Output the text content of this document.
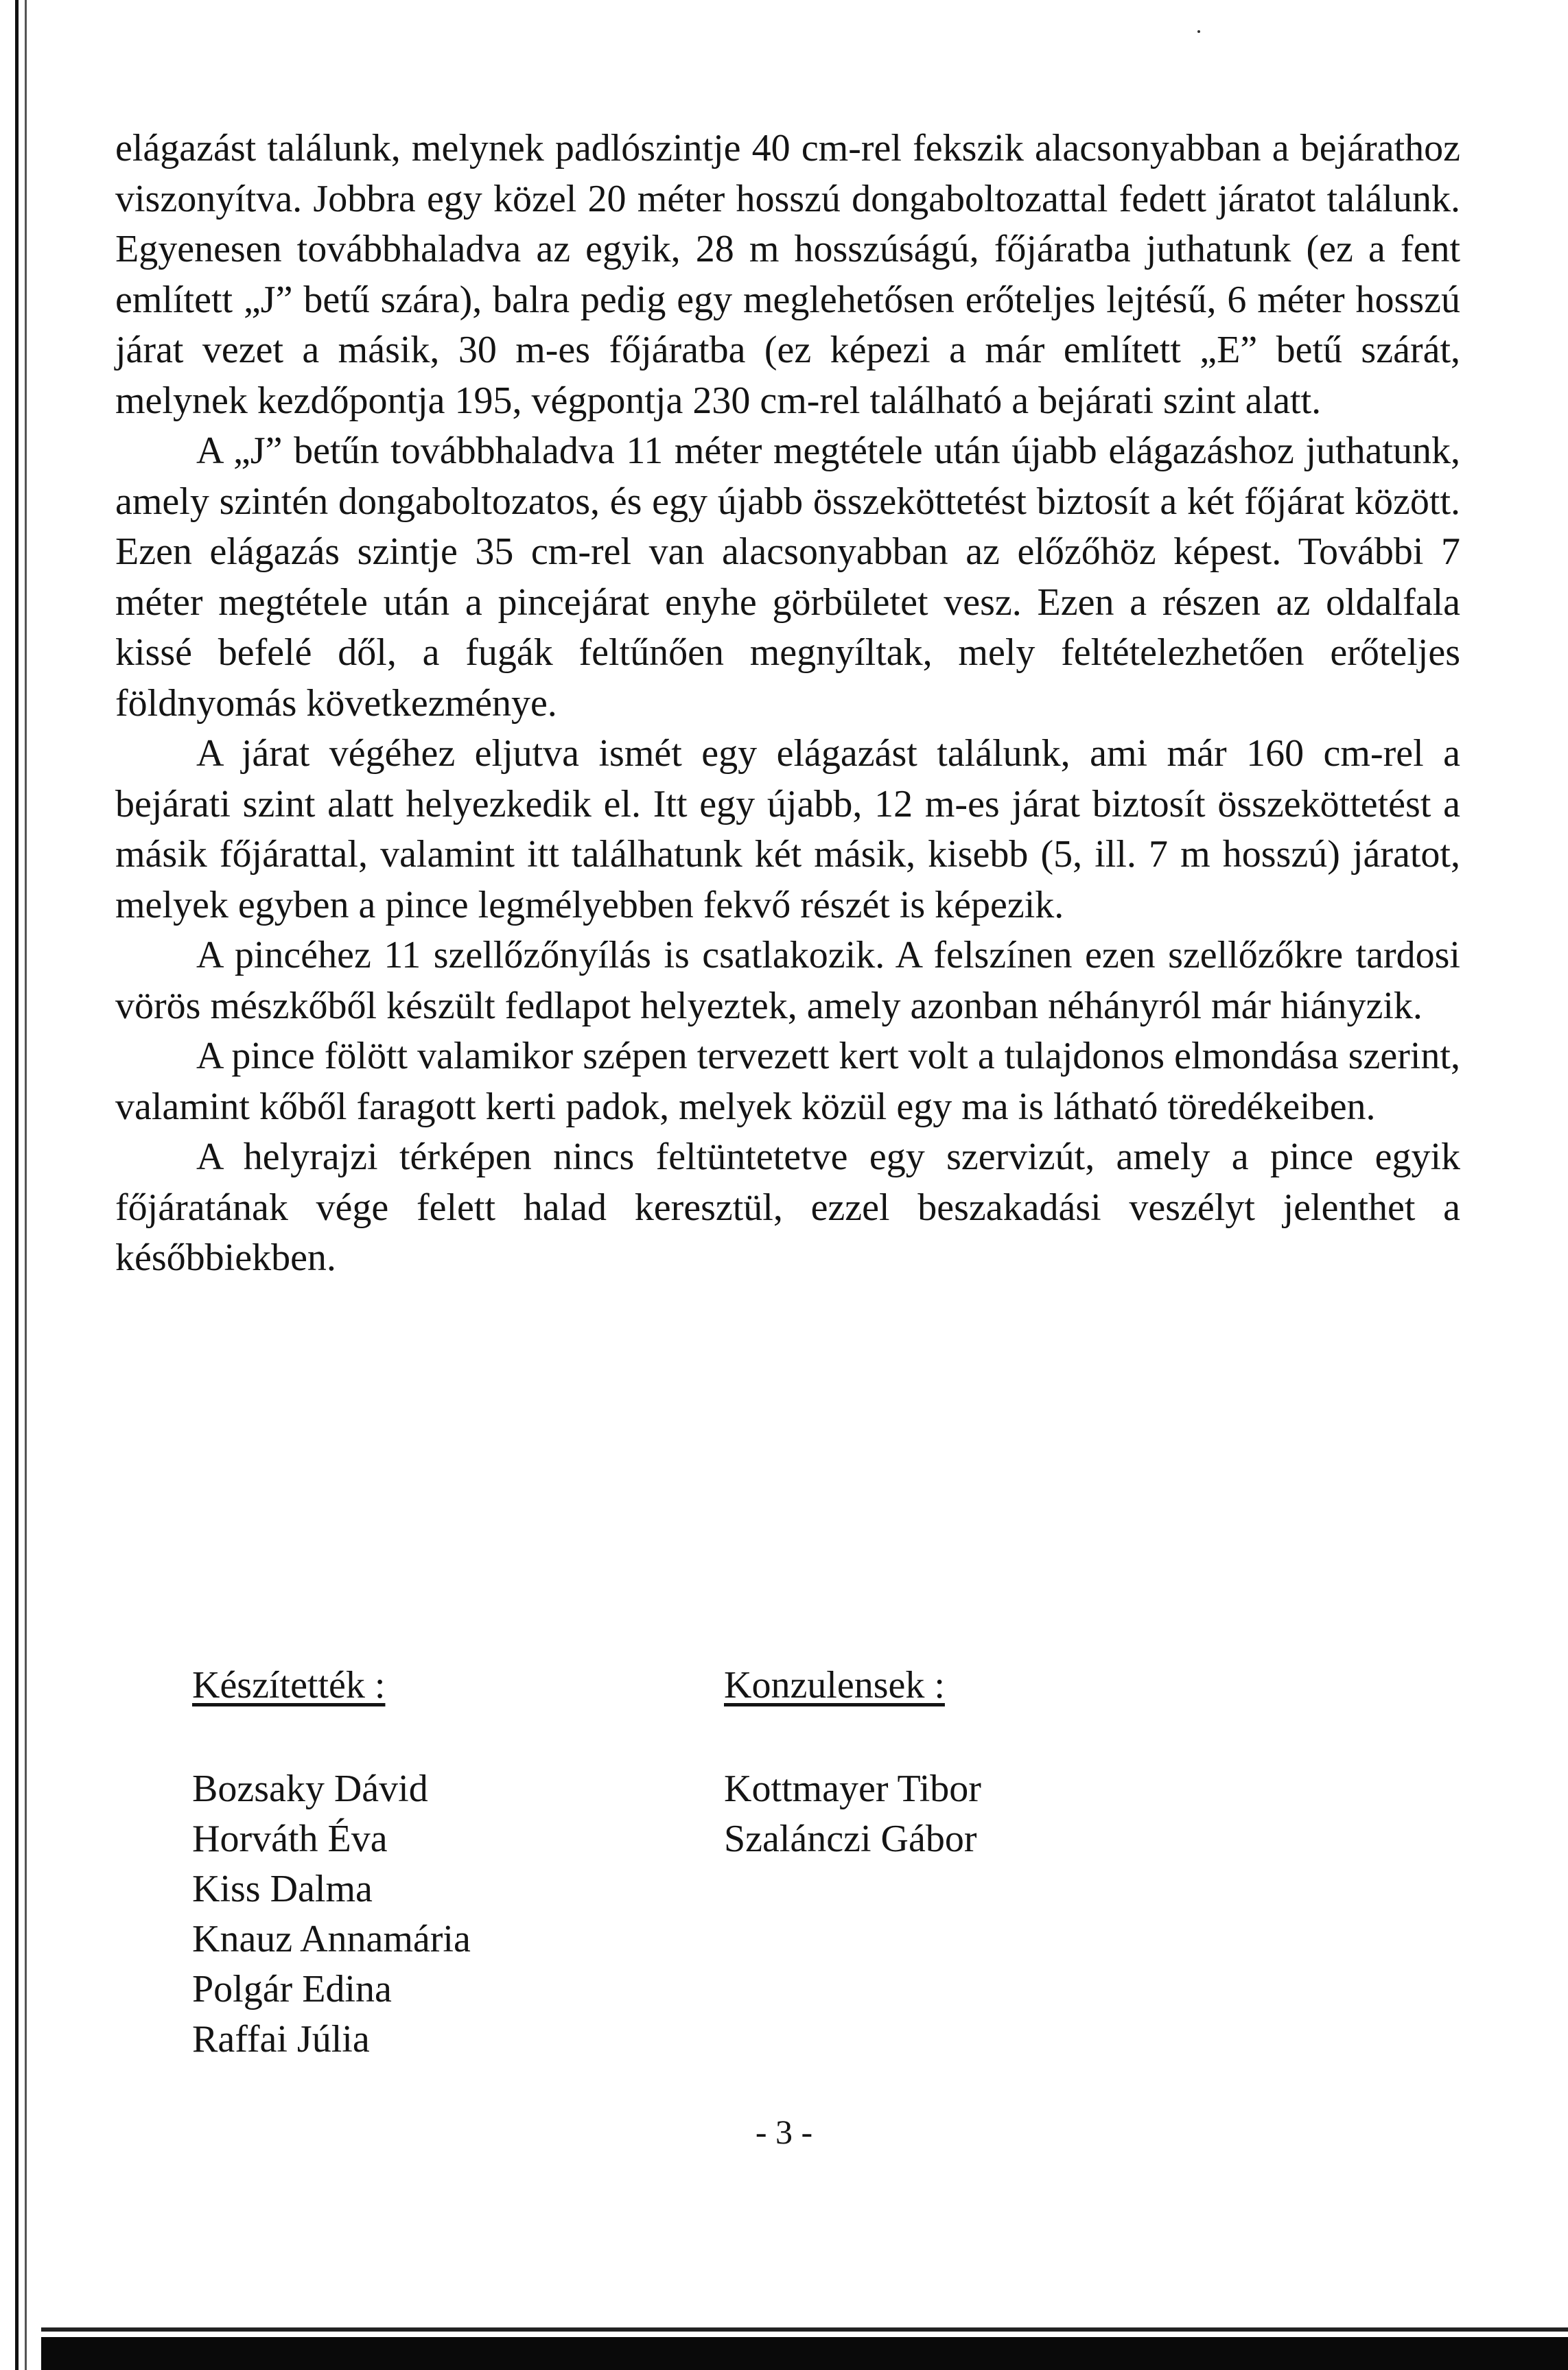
elágazást találunk, melynek padlószintje 40 cm-rel fekszik alacsonyabban a bejárathoz viszonyítva. Jobbra egy közel 20 méter hosszú dongaboltozattal fedett járatot találunk. Egyenesen továbbhaladva az egyik, 28 m hosszúságú, főjáratba juthatunk (ez a fent említett „J” betű szára), balra pedig egy meglehetősen erőteljes lejtésű, 6 méter hosszú járat vezet a másik, 30 m-es főjáratba (ez képezi a már említett „E” betű szárát, melynek kezdőpontja 195, végpontja 230 cm-rel található a bejárati szint alatt.

A „J” betűn továbbhaladva 11 méter megtétele után újabb elágazáshoz juthatunk, amely szintén dongaboltozatos, és egy újabb összeköttetést biztosít a két főjárat között. Ezen elágazás szintje 35 cm-rel van alacsonyabban az előzőhöz képest. További 7 méter megtétele után a pincejárat enyhe görbületet vesz. Ezen a részen az oldalfala kissé befelé dől, a fugák feltűnően megnyíltak, mely feltételezhetően erőteljes földnyomás következménye.

A járat végéhez eljutva ismét egy elágazást találunk, ami már 160 cm-rel a bejárati szint alatt helyezkedik el. Itt egy újabb, 12 m-es járat biztosít összeköttetést a másik főjárattal, valamint itt találhatunk két másik, kisebb (5, ill. 7 m hosszú) járatot, melyek egyben a pince legmélyebben fekvő részét is képezik.

A pincéhez 11 szellőzőnyílás is csatlakozik. A felszínen ezen szellőzőkre tardosi vörös mészkőből készült fedlapot helyeztek, amely azonban néhányról már hiányzik.

A pince fölött valamikor szépen tervezett kert volt a tulajdonos elmondása szerint, valamint kőből faragott kerti padok, melyek közül egy ma is látható töredékeiben.

A helyrajzi térképen nincs feltüntetetve egy szervizút, amely a pince egyik főjáratának vége felett halad keresztül, ezzel beszakadási veszélyt jelenthet a későbbiekben.

Készítették :
Bozsaky Dávid
Horváth Éva
Kiss Dalma
Knauz Annamária
Polgár Edina
Raffai Júlia
Konzulensek :
Kottmayer Tibor
Szalánczi Gábor
- 3 -
